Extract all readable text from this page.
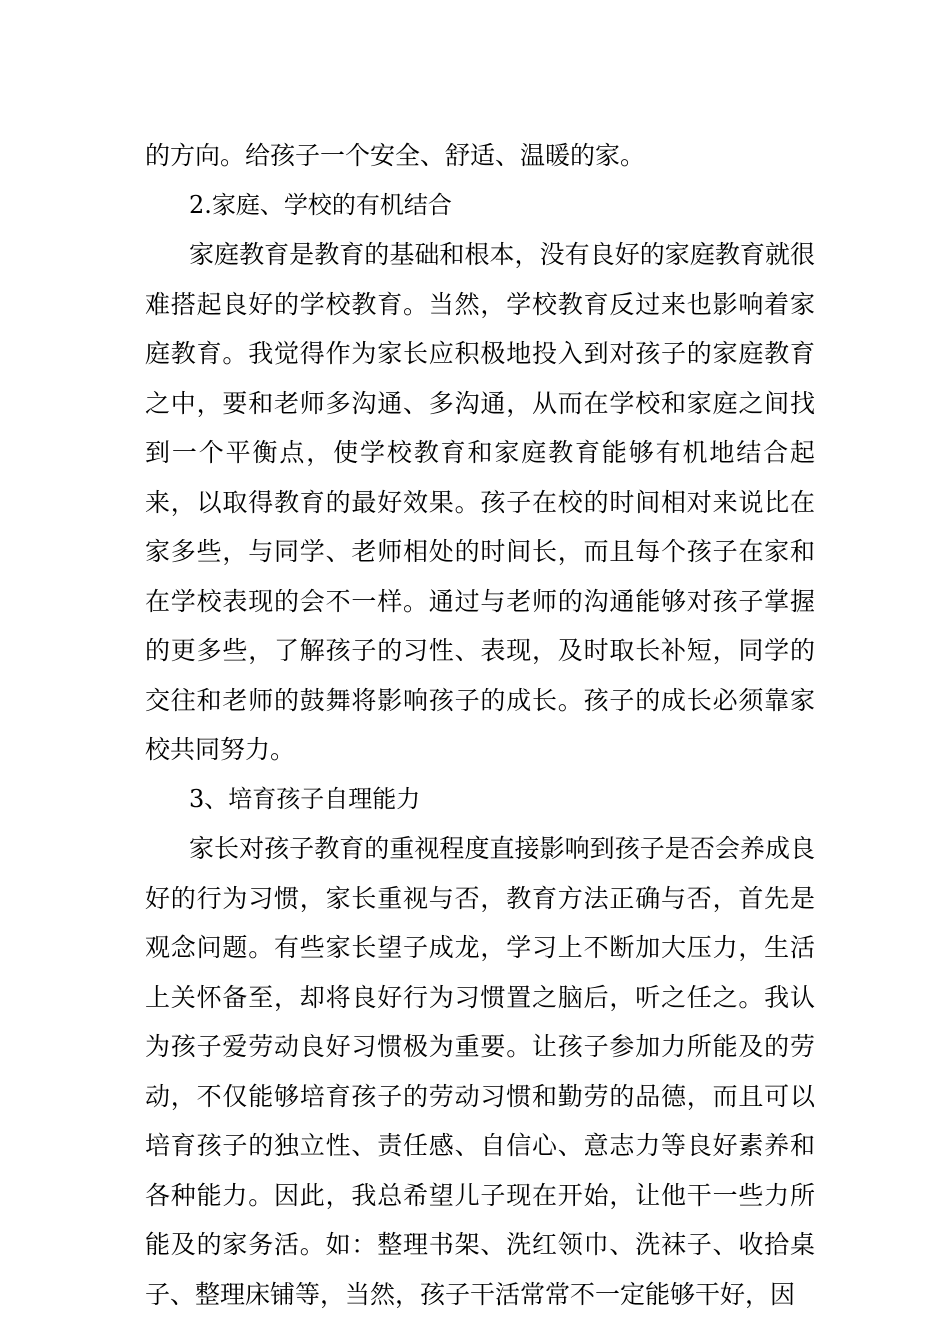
的方向。给孩子一个安全、舒适、温暖的家。

2.家庭、学校的有机结合

家庭教育是教育的基础和根本，没有良好的家庭教育就很难搭起良好的学校教育。当然，学校教育反过来也影响着家庭教育。我觉得作为家长应积极地投入到对孩子的家庭教育之中，要和老师多沟通、多沟通，从而在学校和家庭之间找到一个平衡点，使学校教育和家庭教育能够有机地结合起来，以取得教育的最好效果。孩子在校的时间相对来说比在家多些，与同学、老师相处的时间长，而且每个孩子在家和在学校表现的会不一样。通过与老师的沟通能够对孩子掌握的更多些，了解孩子的习性、表现，及时取长补短，同学的交往和老师的鼓舞将影响孩子的成长。孩子的成长必须靠家校共同努力。

3、培育孩子自理能力

家长对孩子教育的重视程度直接影响到孩子是否会养成良好的行为习惯，家长重视与否，教育方法正确与否，首先是观念问题。有些家长望子成龙，学习上不断加大压力，生活上关怀备至，却将良好行为习惯置之脑后，听之任之。我认为孩子爱劳动良好习惯极为重要。让孩子参加力所能及的劳动，不仅能够培育孩子的劳动习惯和勤劳的品德，而且可以培育孩子的独立性、责任感、自信心、意志力等良好素养和各种能力。因此，我总希望儿子现在开始，让他干一些力所能及的家务活。如：整理书架、洗红领巾、洗袜子、收拾桌子、整理床铺等，当然，孩子干活常常不一定能够干好，因
